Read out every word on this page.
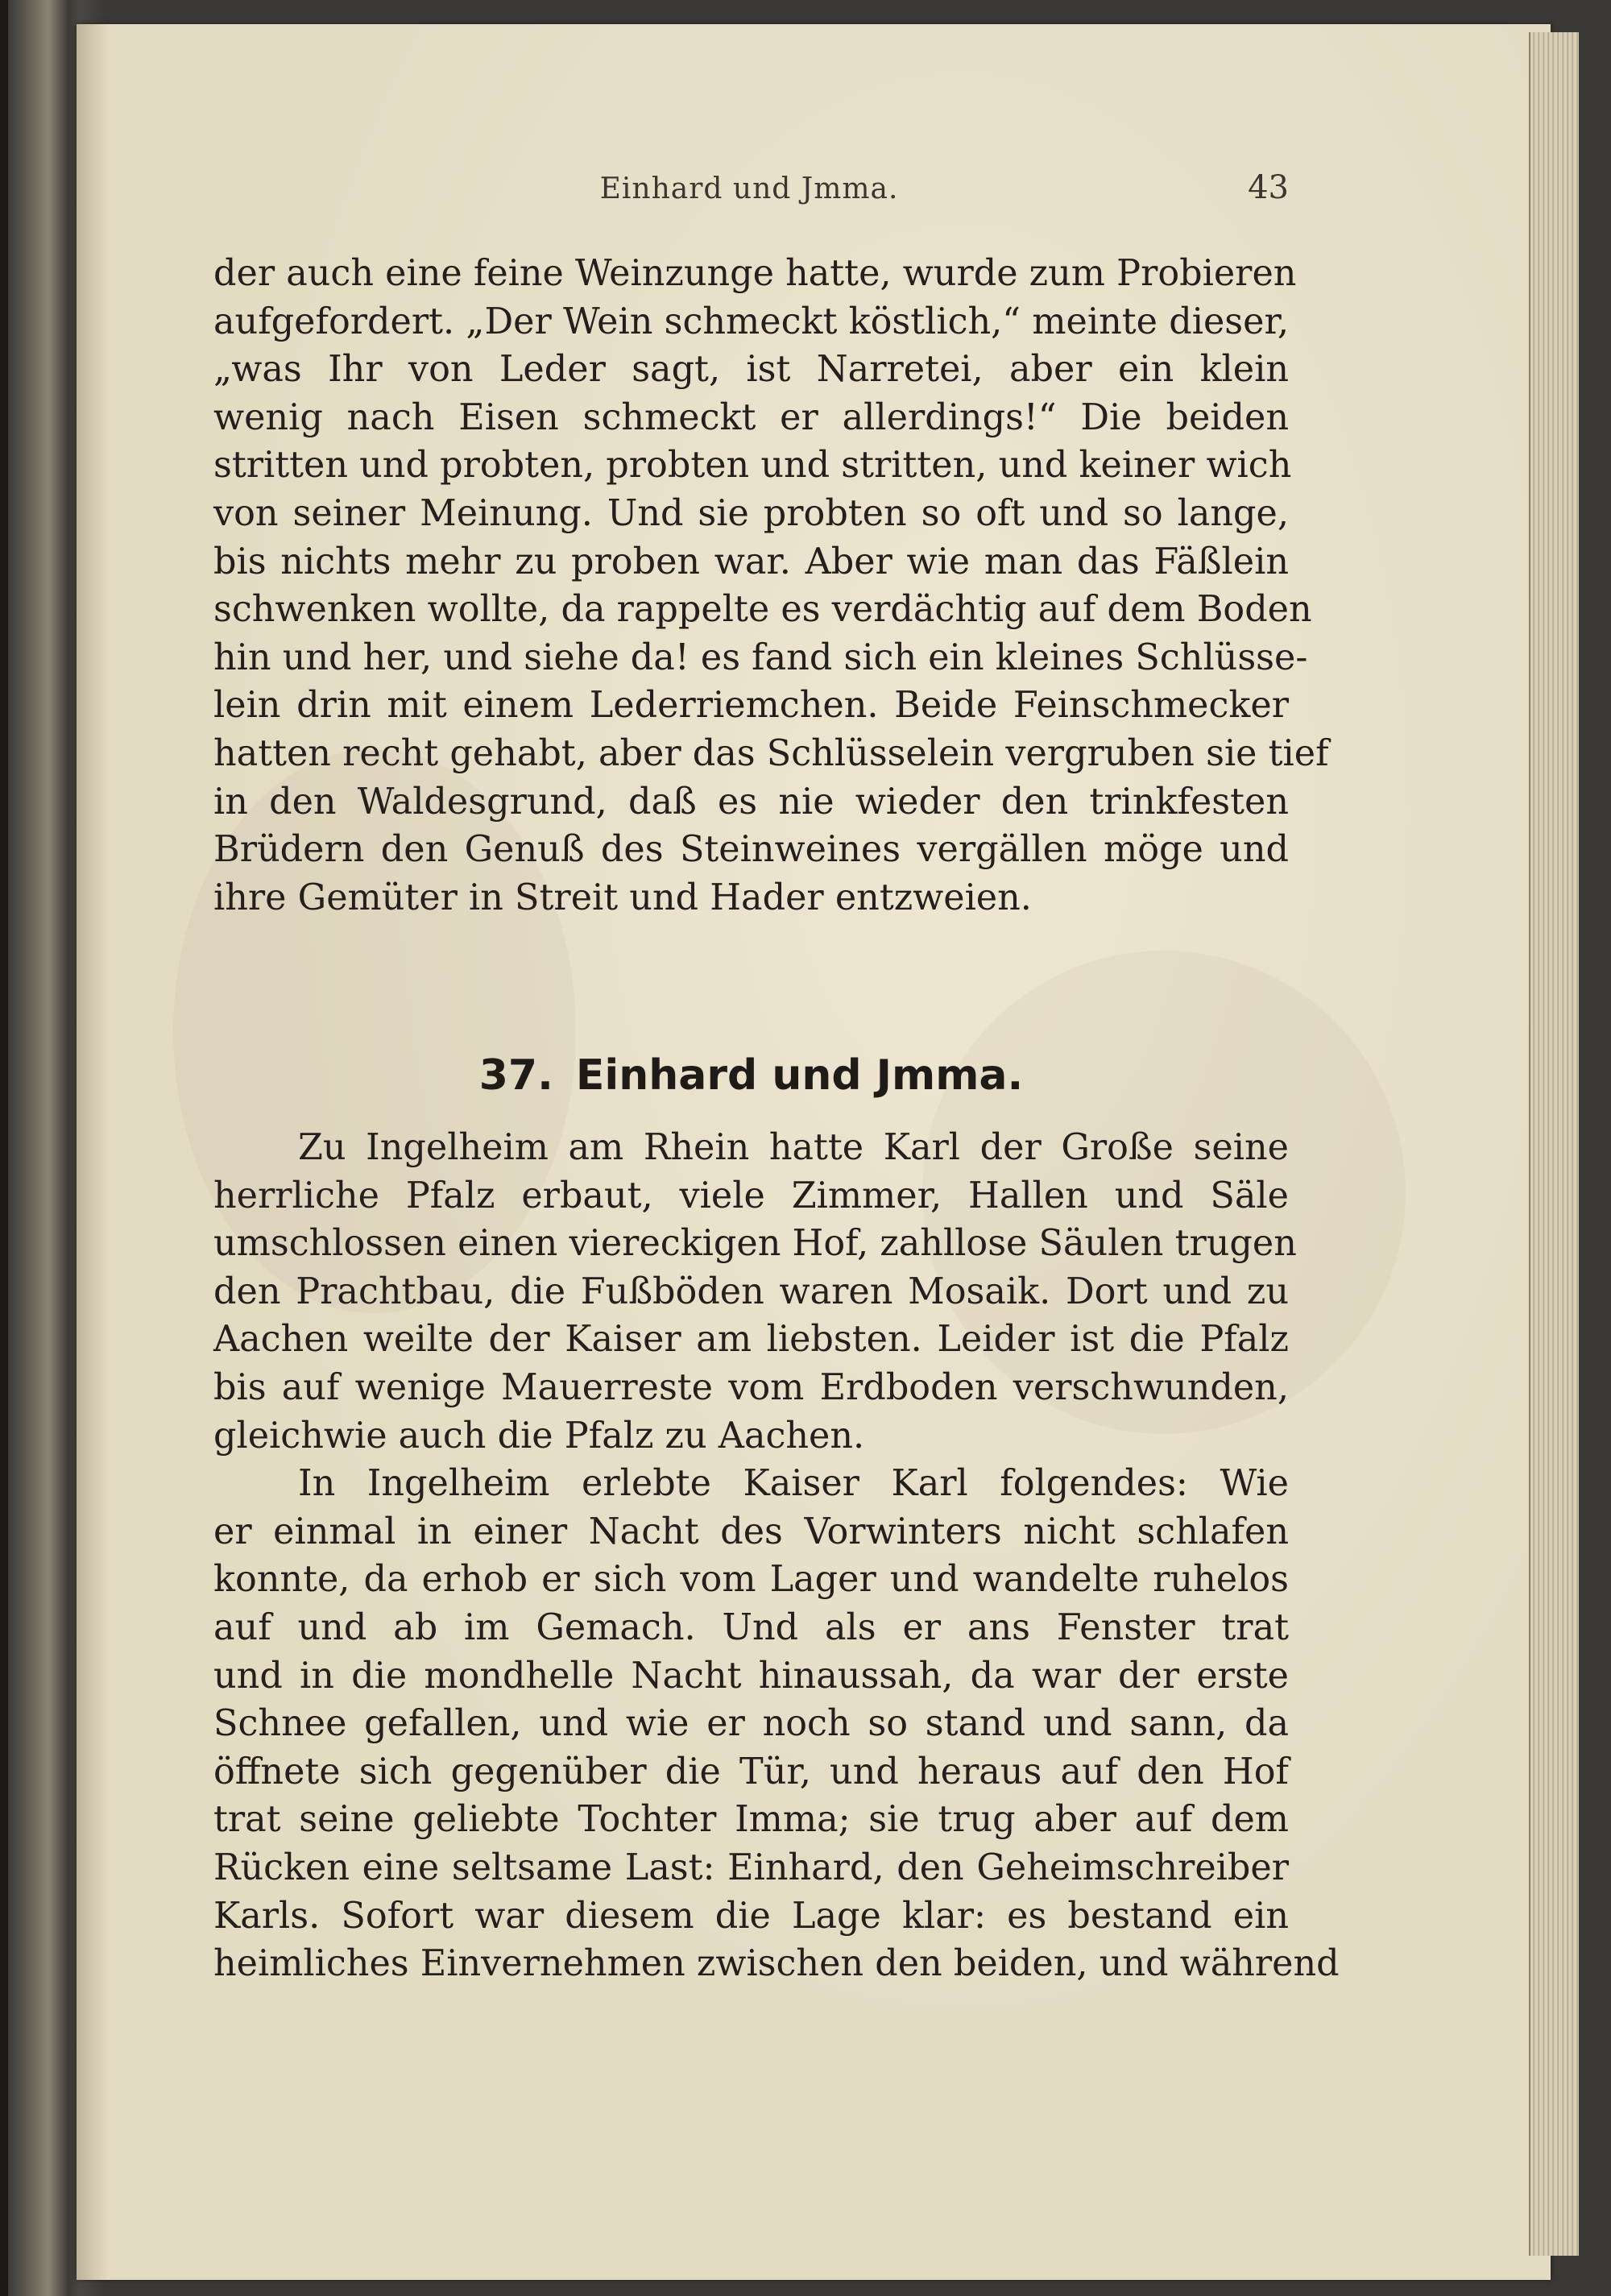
Einhard und Jmma.	43
der auch eine feine Weinzunge hatte, wurde zum Probieren
aufgefordert. „Der Wein schmeckt köstlich,“ meinte dieser,
„was Ihr von Leder sagt, ist Narretei, aber ein klein
wenig nach Eisen schmeckt er allerdings!“ Die beiden
stritten und probten, probten und stritten, und keiner wich
von seiner Meinung. Und sie probten so oft und so lange,
bis nichts mehr zu proben war. Aber wie man das Fäßlein
schwenken wollte, da rappelte es verdächtig auf dem Boden
hin und her, und siehe da! es fand sich ein kleines Schlüsse-
lein drin mit einem Lederriemchen. Beide Feinschmecker
hatten recht gehabt, aber das Schlüsselein vergruben sie tief
in den Waldesgrund, daß es nie wieder den trinkfesten
Brüdern den Genuß des Steinweines vergällen möge und
ihre Gemüter in Streit und Hader entzweien.
37. Einhard und Jmma.
Zu Ingelheim am Rhein hatte Karl der Große seine
herrliche Pfalz erbaut, viele Zimmer, Hallen und Säle
umschlossen einen viereckigen Hof, zahllose Säulen trugen
den Prachtbau, die Fußböden waren Mosaik. Dort und zu
Aachen weilte der Kaiser am liebsten. Leider ist die Pfalz
bis auf wenige Mauerreste vom Erdboden verschwunden,
gleichwie auch die Pfalz zu Aachen.
In Ingelheim erlebte Kaiser Karl folgendes: Wie
er einmal in einer Nacht des Vorwinters nicht schlafen
konnte, da erhob er sich vom Lager und wandelte ruhelos
auf und ab im Gemach. Und als er ans Fenster trat
und in die mondhelle Nacht hinaussah, da war der erste
Schnee gefallen, und wie er noch so stand und sann, da
öffnete sich gegenüber die Tür, und heraus auf den Hof
trat seine geliebte Tochter Imma; sie trug aber auf dem
Rücken eine seltsame Last: Einhard, den Geheimschreiber
Karls. Sofort war diesem die Lage klar: es bestand ein
heimliches Einvernehmen zwischen den beiden, und während
